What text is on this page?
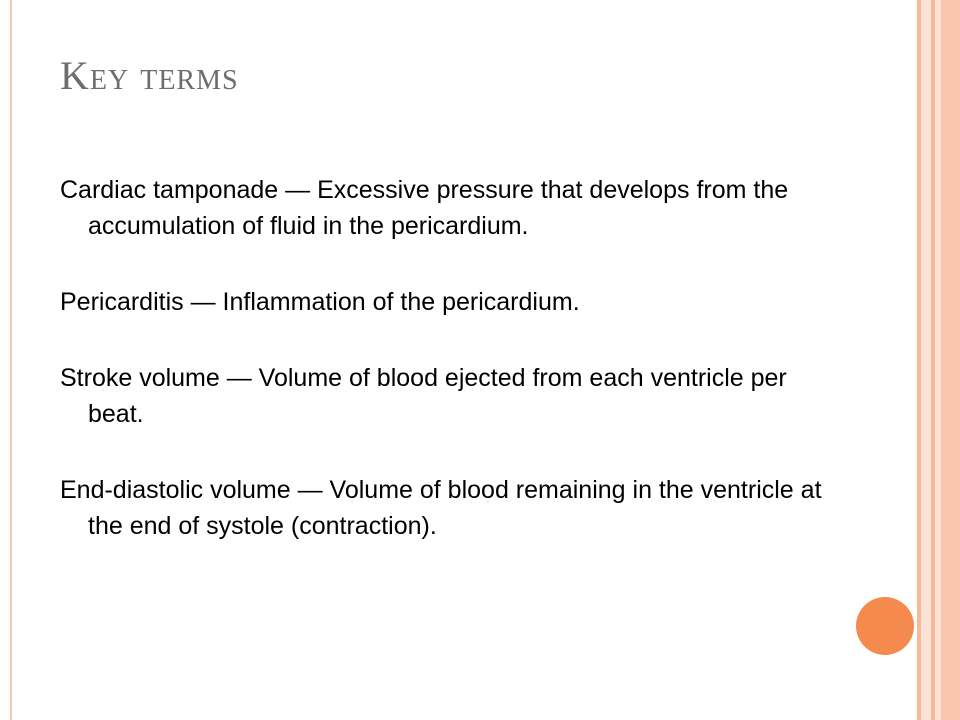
Key terms
Cardiac tamponade — Excessive pressure that develops from the accumulation of fluid in the pericardium.
Pericarditis — Inflammation of the pericardium.
Stroke volume — Volume of blood ejected from each ventricle per beat.
End-diastolic volume — Volume of blood remaining in the ventricle at the end of systole (contraction).
